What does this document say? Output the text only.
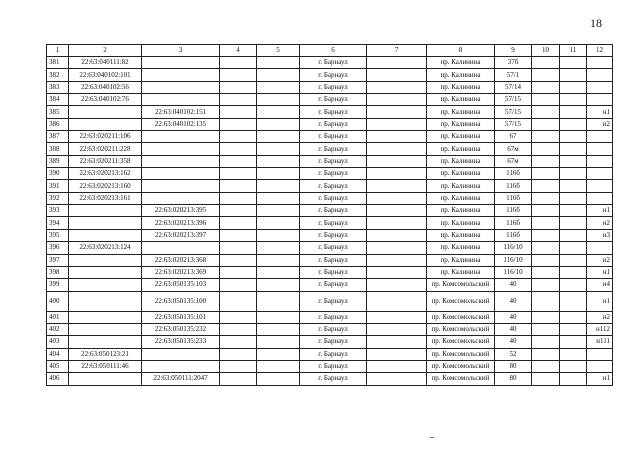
18
1	2	3	4	5	6	7	8	9	10	11	12
381	22:63:040111:82				г. Барнаул		пр. Калинина	37б			
382	22:63:040102:101				г. Барнаул		пр. Калинина	57/1			
383	22:63:040102:56				г. Барнаул		пр. Калинина	57/14			
384	22:63:040102:76				г. Барнаул		пр. Калинина	57/15			
385		22:63:040102:151			г. Барнаул		пр. Калинина	57/15			н1
386		22:63:040102:135			г. Барнаул		пр. Калинина	57/15			н2
387	22:63:020211:106				г. Барнаул		пр. Калинина	67			
388	22:63:020211:228				г. Барнаул		пр. Калинина	67м			
389	22:63:020211:358				г. Барнаул		пр. Калинина	67м			
390	22:63:020213:162				г. Барнаул		пр. Калинина	116б			
391	22:63:020213:160				г. Барнаул		пр. Калинина	116б			
392	22:63:020213:161				г. Барнаул		пр. Калинина	116б			
393		22:63:020213:395			г. Барнаул		пр. Калинина	116б			н1
394		22:63:020213:396			г. Барнаул		пр. Калинина	116б			н2
395		22:63:020213:397			г. Барнаул		пр. Калинина	116б			н3
396	22:63:020213:124				г. Барнаул		пр. Калинина	116/10			
397		22:63:020213:368			г. Барнаул		пр. Калинина	116/10			н2
398		22:63:020213:369			г. Барнаул		пр. Калинина	116/10			н1
399		22:63:050135:103			г. Барнаул		пр. Комсомольский	40			н4
400		22:63:050135:100			г. Барнаул		пр. Комсомольский	40			н1
401		22:63:050135:101			г. Барнаул		пр. Комсомольский	40			н2
402		22:63:050135:232			г. Барнаул		пр. Комсомольский	40			н112
403		22:63:050135:233			г. Барнаул		пр. Комсомольский	40			н111
404	22:63:050123:21				г. Барнаул		пр. Комсомольский	52			
405	22:63:050111:46				г. Барнаул		пр. Комсомольский	80			
406		22:63:050111:2047			г. Барнаул		пр. Комсомольский	80			н1
